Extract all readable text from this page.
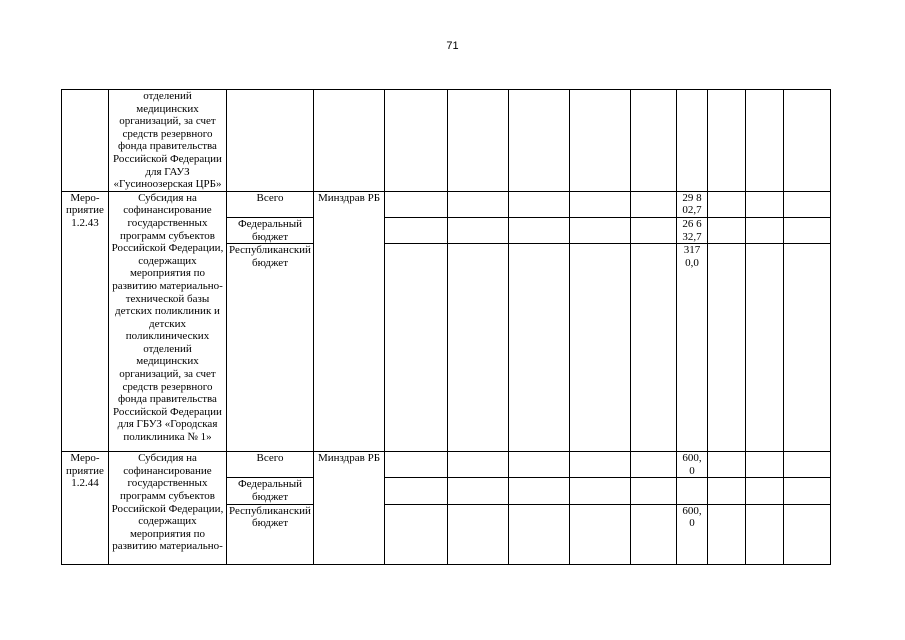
71
	отделений медицинских организаций, за счет средств резервного фонда правительства Российской Федерации для ГАУЗ «Гусиноозерская ЦРБ»											
Меро-приятие 1.2.43	Субсидия на софинансирование государственных программ субъектов Российской Федерации, содержащих мероприятия по развитию материально-технической базы детских поликлиник и детских поликлинических отделений медицинских организаций, за счет средств резервного фонда правительства Российской Федерации для ГБУЗ «Городская поликлиника № 1»	Всего	Минздрав РБ						29 8
02,7			
		Федеральный бюджет							26 6
32,7			
		Республиканский бюджет							317
0,0			
Меро-приятие 1.2.44	Субсидия на софинансирование государственных программ субъектов Российской Федерации, содержащих мероприятия по развитию материально-	Всего	Минздрав РБ						600,
0			
		Федеральный бюджет										
		Республиканский бюджет							600,
0			
